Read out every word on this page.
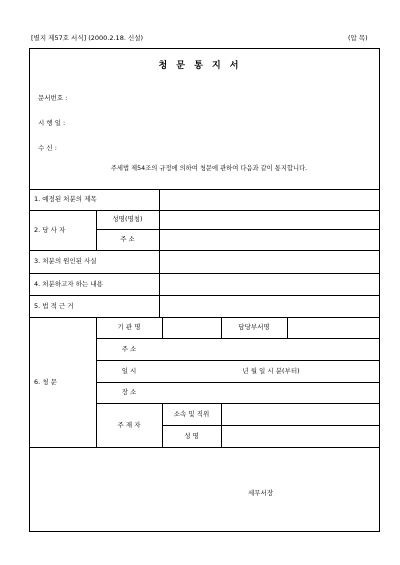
[별지 제57호 서식] (2000.2.18. 신설)	(압 목)
청 문 통 지 서
문서번호 :
시 행 일 :
수 신 :
주세법 제54조의 규정에 의하여 청문에 관하여 다음과 같이 통지합니다.
1. 예정된 처분의 제목
2. 당 사 자
성명(명칭)
주 소
3. 처분의 원인된 사실
4. 처분하고자 하는 내용
5. 법 적 근 거
6. 청 문
기 관 명	담당부서명
주 소
일 시	년 월 일 시 분(부터)
장 소
주 재 자
소속 및 직위
성 명
세무서장
